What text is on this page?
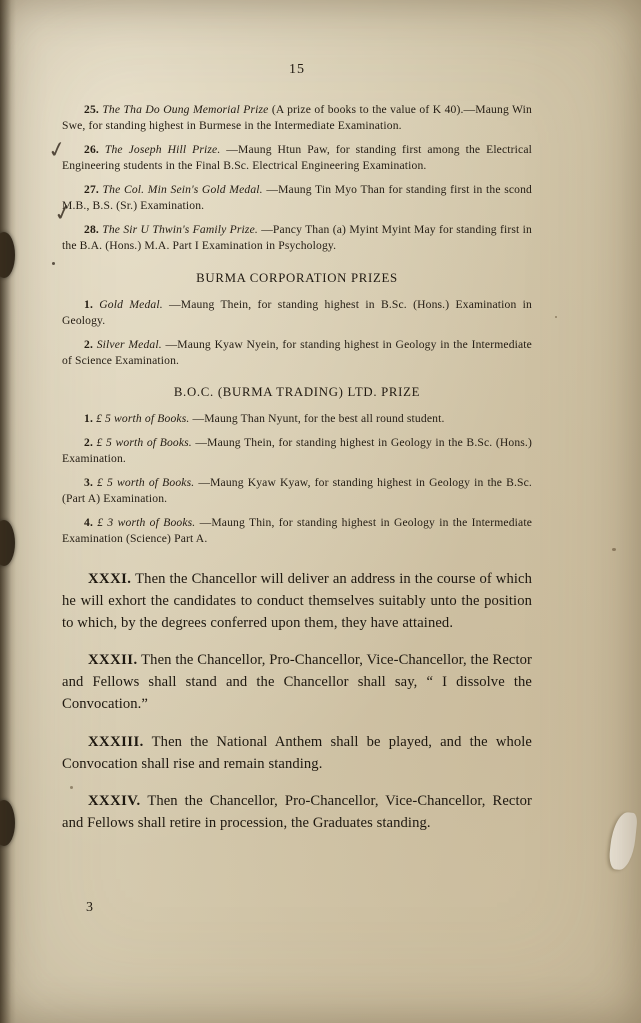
✓
✓
15

25. The Tha Do Oung Memorial Prize (A prize of books to the value of K 40).—Maung Win Swe, for standing highest in Burmese in the Intermediate Examination.

26. The Joseph Hill Prize. —Maung Htun Paw, for standing first among the Electrical Engineering students in the Final B.Sc. Electrical Engineering Examination.

27. The Col. Min Sein's Gold Medal. —Maung Tin Myo Than for standing first in the scond M.B., B.S. (Sr.) Examination.

28. The Sir U Thwin's Family Prize. —Pancy Than (a) Myint Myint May for standing first in the B.A. (Hons.) M.A. Part I Examination in Psychology.

BURMA CORPORATION PRIZES

1. Gold Medal. —Maung Thein, for standing highest in B.Sc. (Hons.) Examination in Geology.

2. Silver Medal. —Maung Kyaw Nyein, for standing highest in Geology in the Intermediate of Science Examination.

B.O.C. (BURMA TRADING) LTD. PRIZE

1. £ 5 worth of Books. —Maung Than Nyunt, for the best all round student.

2. £ 5 worth of Books. —Maung Thein, for standing highest in Geology in the B.Sc. (Hons.) Examination.

3. £ 5 worth of Books. —Maung Kyaw Kyaw, for standing highest in Geology in the B.Sc. (Part A) Examination.

4. £ 3 worth of Books. —Maung Thin, for standing highest in Geology in the Intermediate Examination (Science) Part A.

XXXI. Then the Chancellor will deliver an address in the course of which he will exhort the candidates to conduct themselves suitably unto the position to which, by the degrees conferred upon them, they have attained.

XXXII. Then the Chancellor, Pro-Chancellor, Vice-Chancellor, the Rector and Fellows shall stand and the Chancellor shall say, “ I dissolve the Convocation.”

XXXIII. Then the National Anthem shall be played, and the whole Convocation shall rise and remain standing.

XXXIV. Then the Chancellor, Pro-Chancellor, Vice-Chancellor, Rector and Fellows shall retire in procession, the Graduates standing.

3
